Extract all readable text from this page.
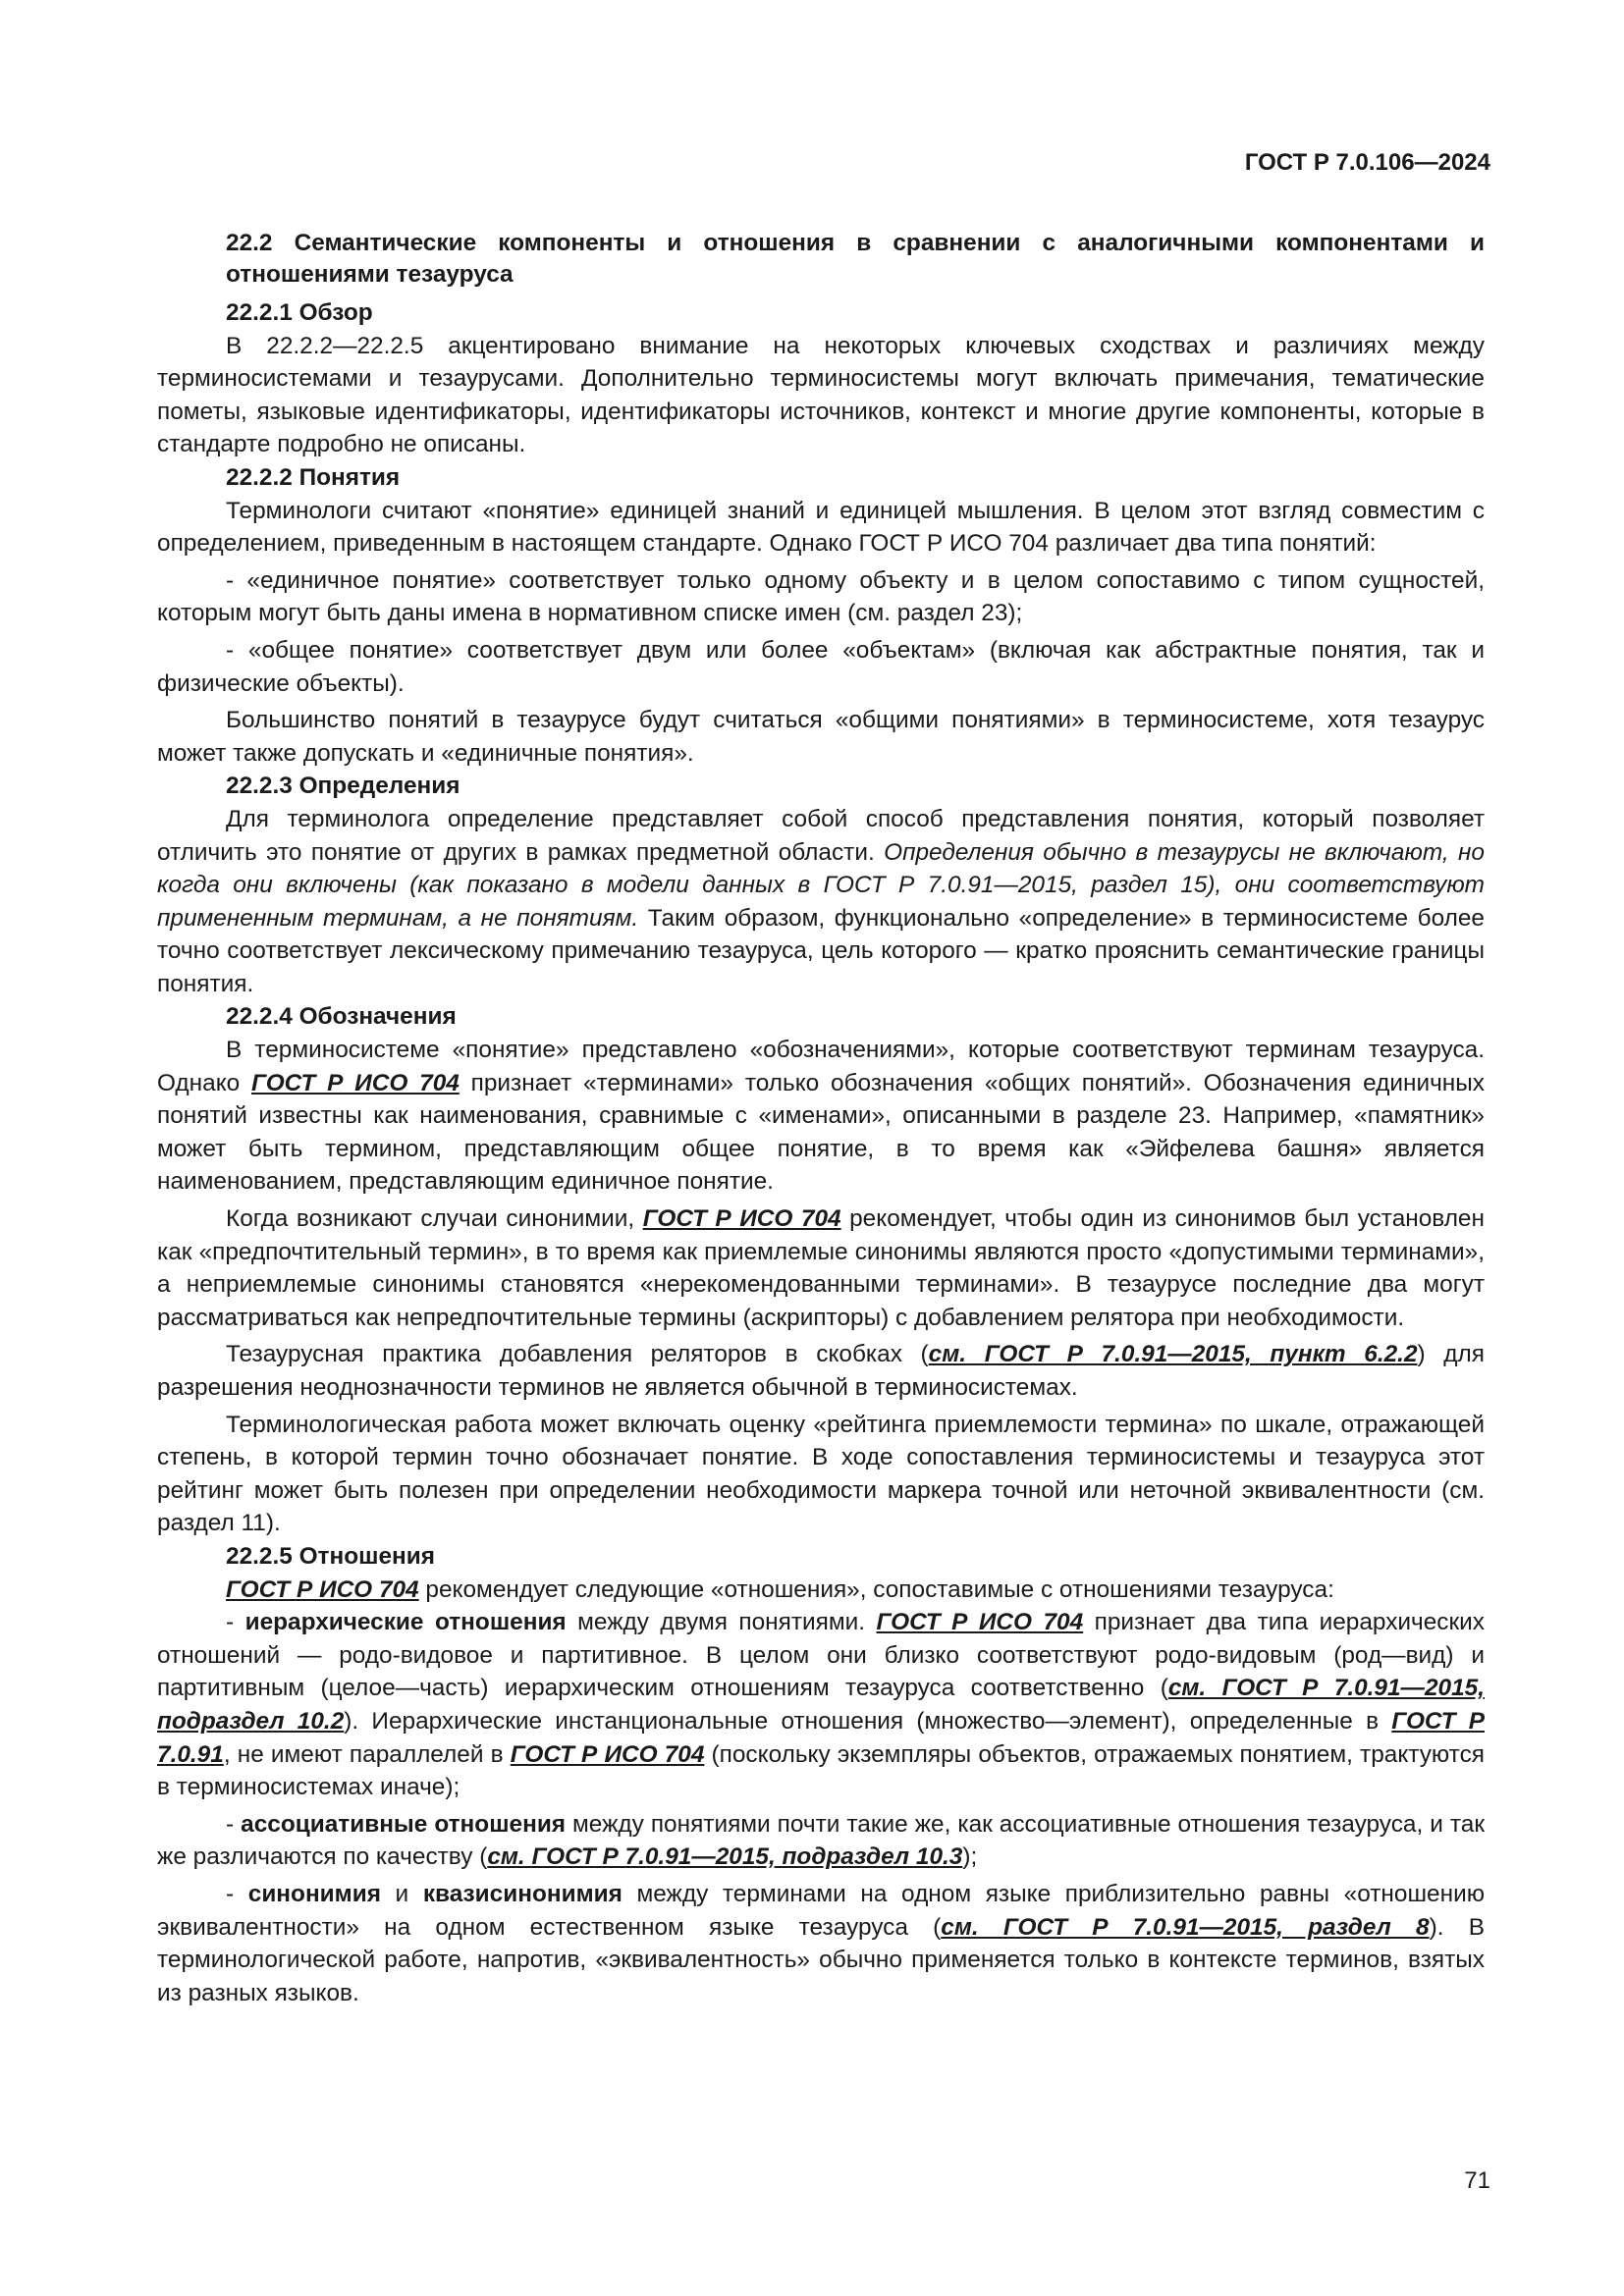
ГОСТ Р 7.0.106—2024

22.2 Семантические компоненты и отношения в сравнении с аналогичными компонентами и отношениями тезауруса

22.2.1 Обзор

В 22.2.2—22.2.5 акцентировано внимание на некоторых ключевых сходствах и различиях между терминосистемами и тезаурусами. Дополнительно терминосистемы могут включать примечания, тематические пометы, языковые идентификаторы, идентификаторы источников, контекст и многие другие компоненты, которые в стандарте подробно не описаны.

22.2.2 Понятия

Терминологи считают «понятие» единицей знаний и единицей мышления. В целом этот взгляд совместим с определением, приведенным в настоящем стандарте. Однако ГОСТ Р ИСО 704 различает два типа понятий:

- «единичное понятие» соответствует только одному объекту и в целом сопоставимо с типом сущностей, которым могут быть даны имена в нормативном списке имен (см. раздел 23);

- «общее понятие» соответствует двум или более «объектам» (включая как абстрактные понятия, так и физические объекты).

Большинство понятий в тезаурусе будут считаться «общими понятиями» в терминосистеме, хотя тезаурус может также допускать и «единичные понятия».

22.2.3 Определения

Для терминолога определение представляет собой способ представления понятия, который позволяет отличить это понятие от других в рамках предметной области. Определения обычно в тезаурусы не включают, но когда они включены (как показано в модели данных в ГОСТ Р 7.0.91—2015, раздел 15), они соответствуют примененным терминам, а не понятиям. Таким образом, функционально «определение» в терминосистеме более точно соответствует лексическому примечанию тезауруса, цель которого — кратко прояснить семантические границы понятия.

22.2.4 Обозначения

В терминосистеме «понятие» представлено «обозначениями», которые соответствуют терминам тезауруса. Однако ГОСТ Р ИСО 704 признает «терминами» только обозначения «общих понятий». Обозначения единичных понятий известны как наименования, сравнимые с «именами», описанными в разделе 23. Например, «памятник» может быть термином, представляющим общее понятие, в то время как «Эйфелева башня» является наименованием, представляющим единичное понятие.

Когда возникают случаи синонимии, ГОСТ Р ИСО 704 рекомендует, чтобы один из синонимов был установлен как «предпочтительный термин», в то время как приемлемые синонимы являются просто «допустимыми терминами», а неприемлемые синонимы становятся «нерекомендованными терминами». В тезаурусе последние два могут рассматриваться как непредпочтительные термины (аскрипторы) с добавлением релятора при необходимости.

Тезаурусная практика добавления реляторов в скобках (см. ГОСТ Р 7.0.91—2015, пункт 6.2.2) для разрешения неоднозначности терминов не является обычной в терминосистемах.

Терминологическая работа может включать оценку «рейтинга приемлемости термина» по шкале, отражающей степень, в которой термин точно обозначает понятие. В ходе сопоставления терминосистемы и тезауруса этот рейтинг может быть полезен при определении необходимости маркера точной или неточной эквивалентности (см. раздел 11).

22.2.5 Отношения

ГОСТ Р ИСО 704 рекомендует следующие «отношения», сопоставимые с отношениями тезауруса:

- иерархические отношения между двумя понятиями. ГОСТ Р ИСО 704 признает два типа иерархических отношений — родо-видовое и партитивное. В целом они близко соответствуют родо-видовым (род—вид) и партитивным (целое—часть) иерархическим отношениям тезауруса соответственно (см. ГОСТ Р 7.0.91—2015, подраздел 10.2). Иерархические инстанциональные отношения (множество—элемент), определенные в ГОСТ Р 7.0.91, не имеют параллелей в ГОСТ Р ИСО 704 (поскольку экземпляры объектов, отражаемых понятием, трактуются в терминосистемах иначе);

- ассоциативные отношения между понятиями почти такие же, как ассоциативные отношения тезауруса, и так же различаются по качеству (см. ГОСТ Р 7.0.91—2015, подраздел 10.3);

- синонимия и квазисинонимия между терминами на одном языке приблизительно равны «отношению эквивалентности» на одном естественном языке тезауруса (см. ГОСТ Р 7.0.91—2015, раздел 8). В терминологической работе, напротив, «эквивалентность» обычно применяется только в контексте терминов, взятых из разных языков.

71
